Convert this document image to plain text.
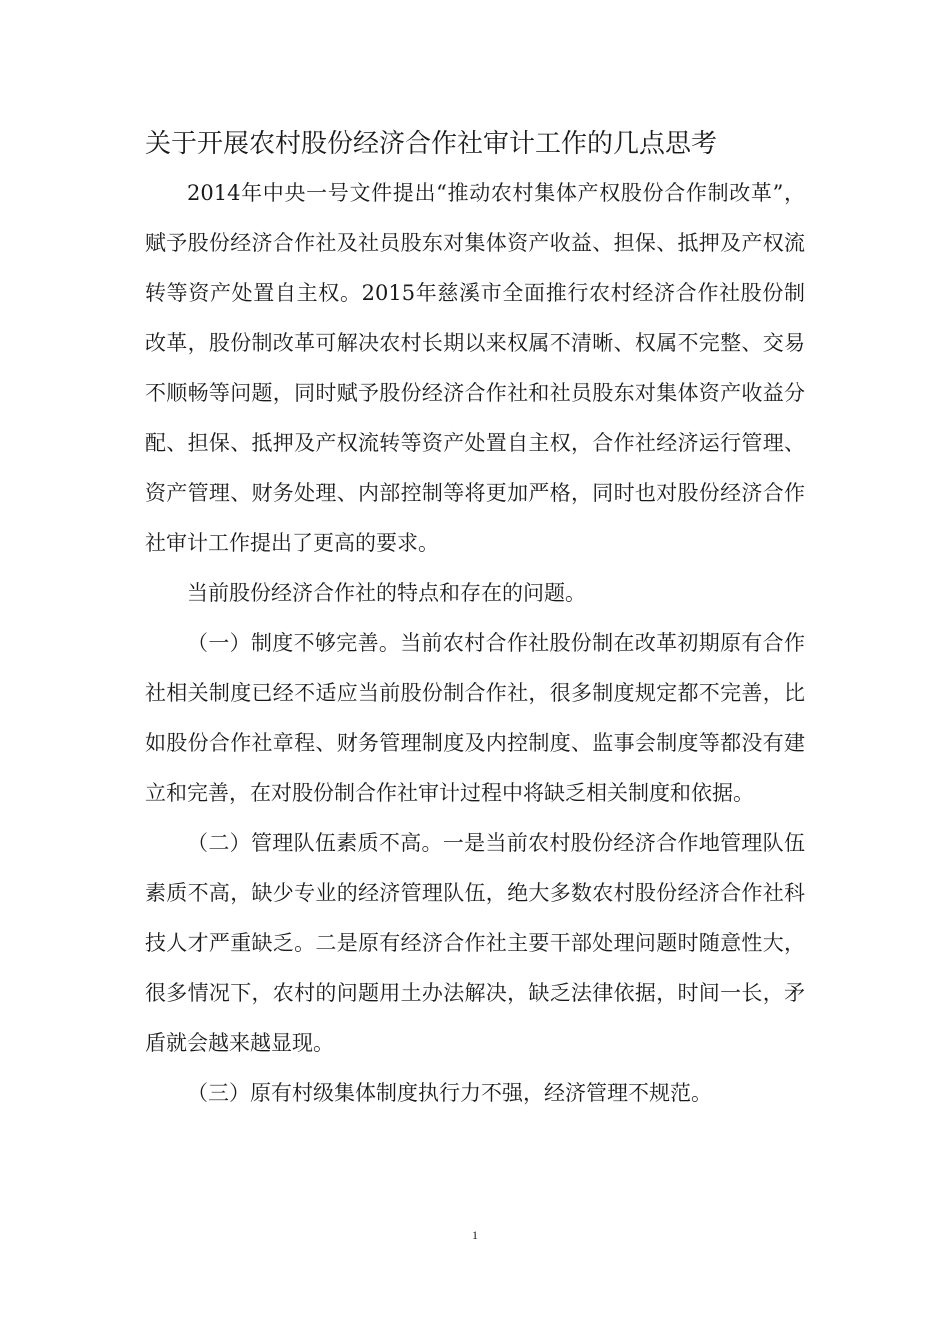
关于开展农村股份经济合作社审计工作的几点思考

2014年中央一号文件提出“推动农村集体产权股份合作制改革”，赋予股份经济合作社及社员股东对集体资产收益、担保、抵押及产权流转等资产处置自主权。2015年慈溪市全面推行农村经济合作社股份制改革，股份制改革可解决农村长期以来权属不清晰、权属不完整、交易不顺畅等问题，同时赋予股份经济合作社和社员股东对集体资产收益分配、担保、抵押及产权流转等资产处置自主权，合作社经济运行管理、资产管理、财务处理、内部控制等将更加严格，同时也对股份经济合作社审计工作提出了更高的要求。

当前股份经济合作社的特点和存在的问题。

（一）制度不够完善。当前农村合作社股份制在改革初期原有合作社相关制度已经不适应当前股份制合作社，很多制度规定都不完善，比如股份合作社章程、财务管理制度及内控制度、监事会制度等都没有建立和完善，在对股份制合作社审计过程中将缺乏相关制度和依据。

（二）管理队伍素质不高。一是当前农村股份经济合作地管理队伍素质不高，缺少专业的经济管理队伍，绝大多数农村股份经济合作社科技人才严重缺乏。二是原有经济合作社主要干部处理问题时随意性大，很多情况下，农村的问题用土办法解决，缺乏法律依据，时间一长，矛盾就会越来越显现。

（三）原有村级集体制度执行力不强，经济管理不规范。

1
